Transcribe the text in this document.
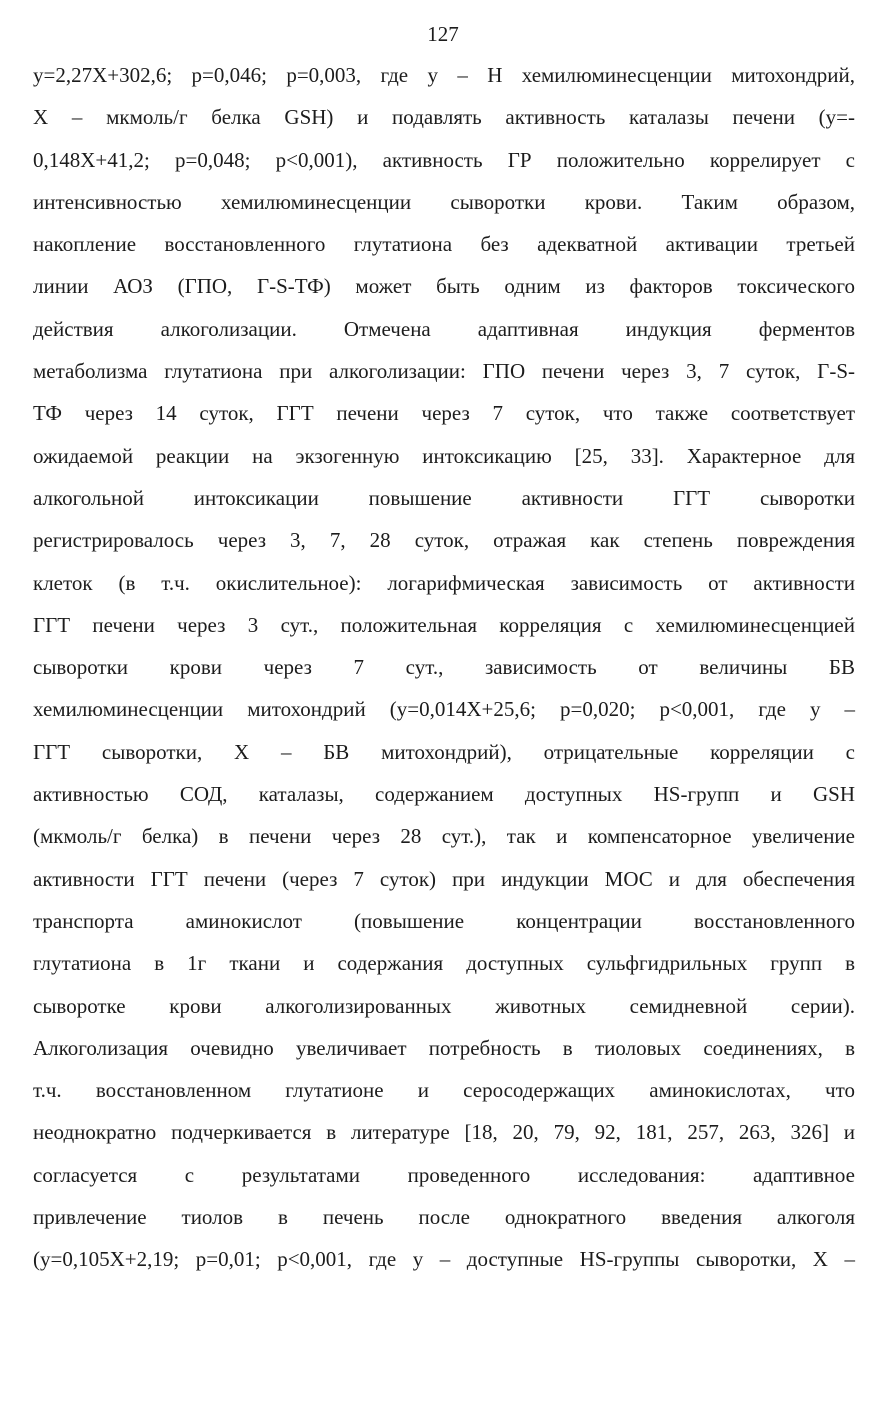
127
y=2,27X+302,6; p=0,046; p=0,003, где y – H хемилюминесценции митохондрий,
X – мкмоль/г белка GSH) и подавлять активность каталазы печени (y=-
0,148X+41,2; p=0,048; p<0,001), активность ГР положительно коррелирует с
интенсивностью хемилюминесценции сыворотки крови. Таким образом,
накопление восстановленного глутатиона без адекватной активации третьей
линии АОЗ (ГПО, Г-S-ТФ) может быть одним из факторов токсического
действия алкоголизации. Отмечена адаптивная индукция ферментов
метаболизма глутатиона при алкоголизации: ГПО печени через 3, 7 суток, Г-S-
ТФ через 14 суток, ГГТ печени через 7 суток, что также соответствует
ожидаемой реакции на экзогенную интоксикацию [25, 33]. Характерное для
алкогольной интоксикации повышение активности ГГТ сыворотки
регистрировалось через 3, 7, 28 суток, отражая как степень повреждения
клеток (в т.ч. окислительное): логарифмическая зависимость от активности
ГГТ печени через 3 сут., положительная корреляция с хемилюминесценцией
сыворотки крови через 7 сут., зависимость от величины БВ
хемилюминесценции митохондрий (y=0,014X+25,6; p=0,020; p<0,001, где y –
ГГТ сыворотки, X – БВ митохондрий), отрицательные корреляции с
активностью СОД, каталазы, содержанием доступных HS-групп и GSH
(мкмоль/г белка) в печени через 28 сут.), так и компенсаторное увеличение
активности ГГТ печени (через 7 суток) при индукции МОС и для обеспечения
транспорта аминокислот (повышение концентрации восстановленного
глутатиона в 1г ткани и содержания доступных сульфгидрильных групп в
сыворотке крови алкоголизированных животных семидневной серии).
Алкоголизация очевидно увеличивает потребность в тиоловых соединениях, в
т.ч. восстановленном глутатионе и серосодержащих аминокислотах, что
неоднократно подчеркивается в литературе [18, 20, 79, 92, 181, 257, 263, 326] и
согласуется с результатами проведенного исследования: адаптивное
привлечение тиолов в печень после однократного введения алкоголя
(y=0,105X+2,19; p=0,01; p<0,001, где y – доступные HS-группы сыворотки, X –
